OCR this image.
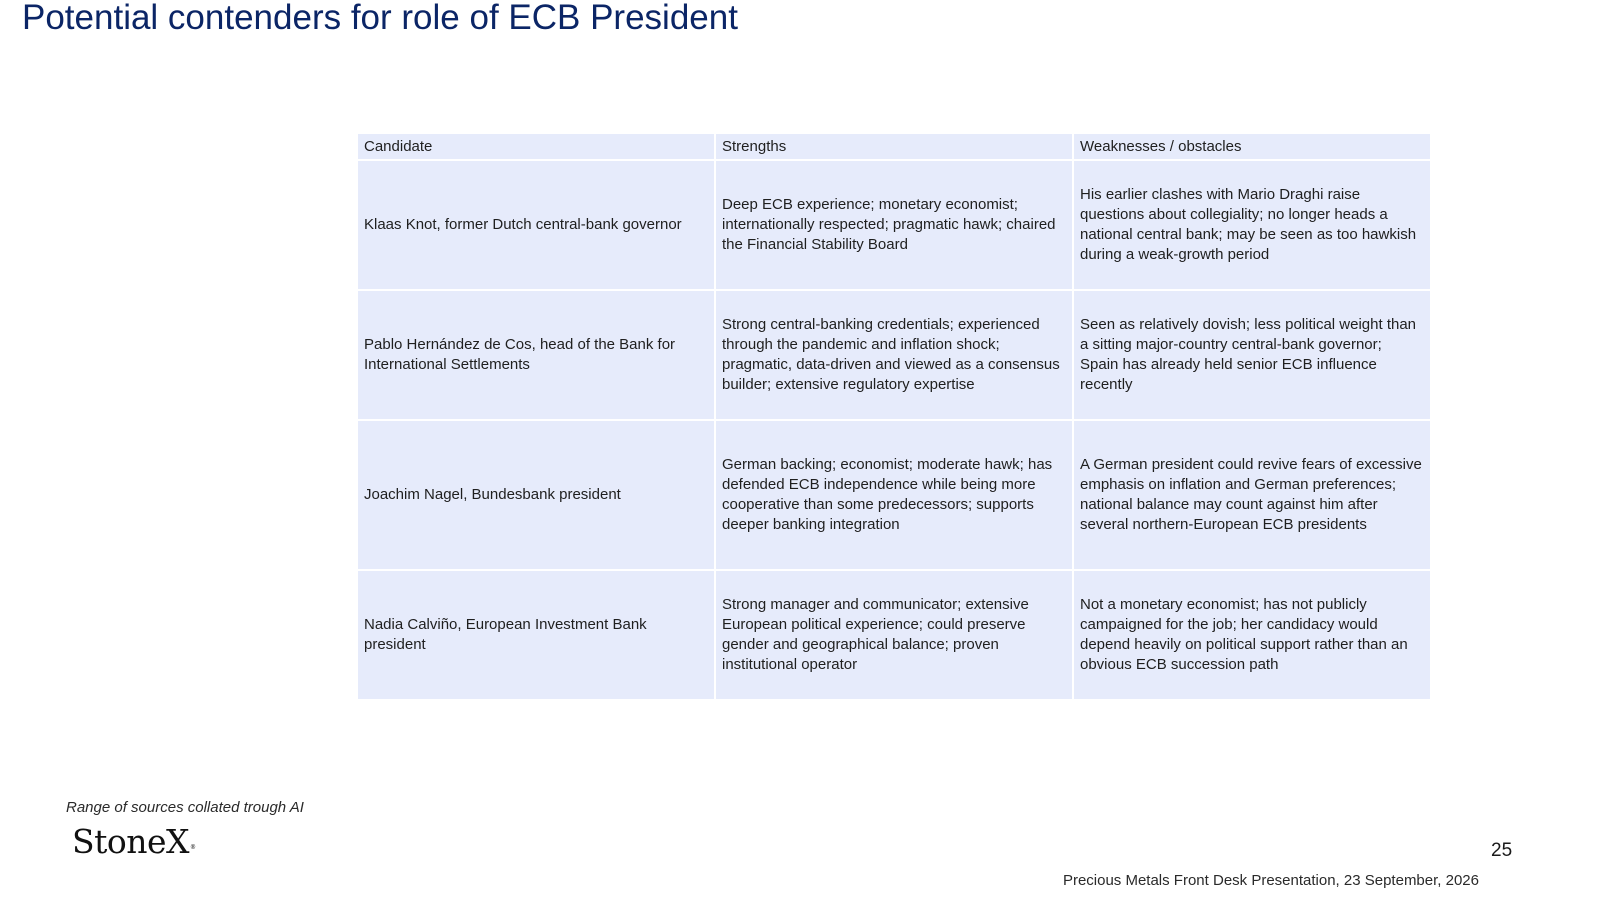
Potential contenders for role of ECB President
Candidate	Strengths	Weaknesses / obstacles
Klaas Knot, former Dutch central-bank governor	Deep ECB experience; monetary economist; internationally respected; pragmatic hawk; chaired the Financial Stability Board	His earlier clashes with Mario Draghi raise questions about collegiality; no longer heads a national central bank; may be seen as too hawkish during a weak-growth period
Pablo Hernández de Cos, head of the Bank for International Settlements	Strong central-banking credentials; experienced through the pandemic and inflation shock; pragmatic, data-driven and viewed as a consensus builder; extensive regulatory expertise	Seen as relatively dovish; less political weight than a sitting major-country central-bank governor; Spain has already held senior ECB influence recently
Joachim Nagel, Bundesbank president	German backing; economist; moderate hawk; has defended ECB independence while being more cooperative than some predecessors; supports deeper banking integration	A German president could revive fears of excessive emphasis on inflation and German preferences; national balance may count against him after several northern-European ECB presidents
Nadia Calviño, European Investment Bank president	Strong manager and communicator; extensive European political experience; could preserve gender and geographical balance; proven institutional operator	Not a monetary economist; has not publicly campaigned for the job; her candidacy would depend heavily on political support rather than an obvious ECB succession path
Range of sources collated trough AI
StoneX®	25
Precious Metals Front Desk Presentation, 23 September, 2026
